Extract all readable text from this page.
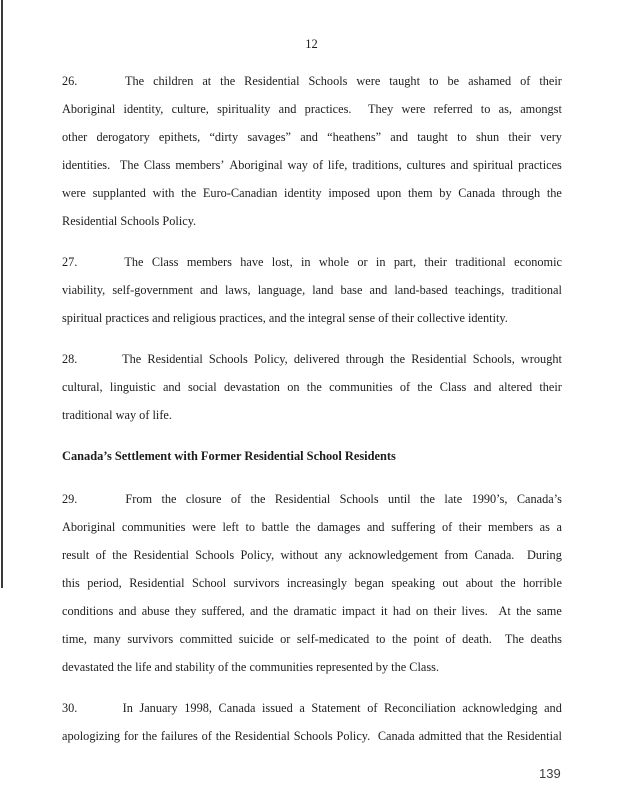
12
26.	The children at the Residential Schools were taught to be ashamed of their
Aboriginal identity, culture, spirituality and practices. They were referred to as, amongst
other derogatory epithets, “dirty savages” and “heathens” and taught to shun their very
identities. The Class members’ Aboriginal way of life, traditions, cultures and spiritual practices
were supplanted with the Euro-Canadian identity imposed upon them by Canada through the
Residential Schools Policy.
27.	The Class members have lost, in whole or in part, their traditional economic
viability, self-government and laws, language, land base and land-based teachings, traditional
spiritual practices and religious practices, and the integral sense of their collective identity.
28.	The Residential Schools Policy, delivered through the Residential Schools, wrought
cultural, linguistic and social devastation on the communities of the Class and altered their
traditional way of life.
Canada’s Settlement with Former Residential School Residents
29.	From the closure of the Residential Schools until the late 1990’s, Canada’s
Aboriginal communities were left to battle the damages and suffering of their members as a
result of the Residential Schools Policy, without any acknowledgement from Canada. During
this period, Residential School survivors increasingly began speaking out about the horrible
conditions and abuse they suffered, and the dramatic impact it had on their lives. At the same
time, many survivors committed suicide or self-medicated to the point of death. The deaths
devastated the life and stability of the communities represented by the Class.
30.	In January 1998, Canada issued a Statement of Reconciliation acknowledging and
apologizing for the failures of the Residential Schools Policy. Canada admitted that the Residential
139
